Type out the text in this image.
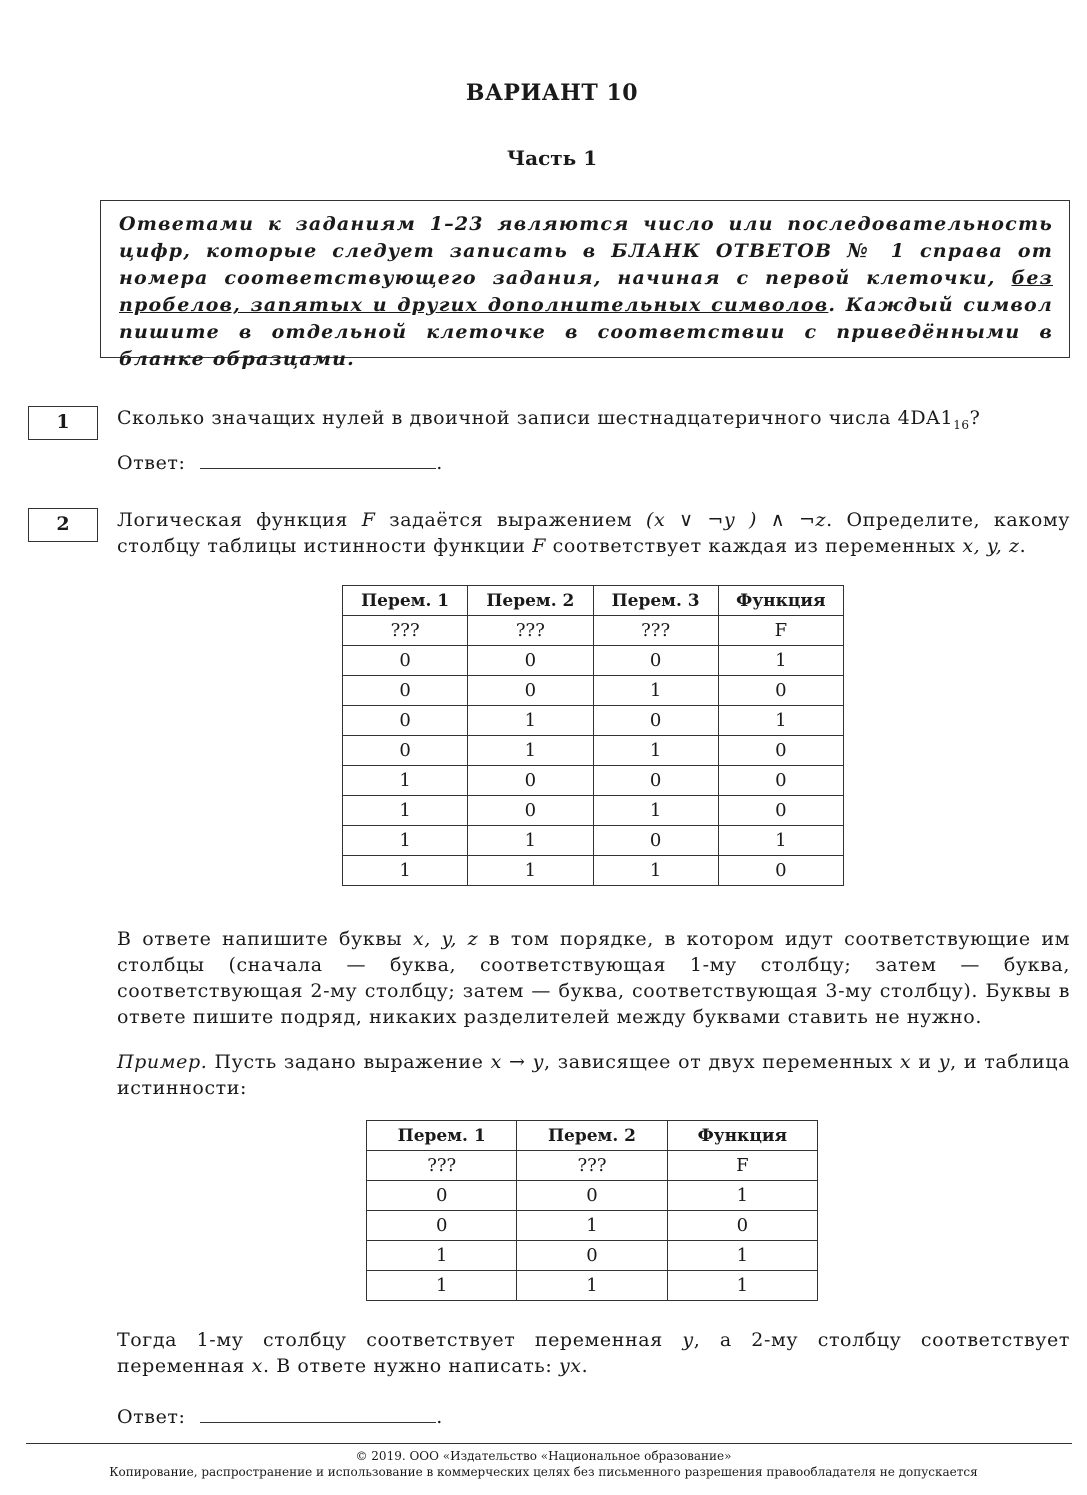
ВАРИАНТ 10
Часть 1
Ответами к заданиям 1–23 являются число или последовательность цифр, которые следует записать в БЛАНК ОТВЕТОВ № 1 справа от номера соответствующего задания, начиная с первой клеточки, без пробелов, запятых и других дополнительных символов. Каждый символ пишите в отдельной клеточке в соответствии с приведёнными в бланке образцами.
1	Сколько значащих нулей в двоичной записи шестнадцатеричного числа $4DA1_{16}$?
Ответ:	.
2	Логическая функция F задаётся выражением (x ∨ ¬y ) ∧ ¬z. Определите, какому столбцу таблицы истинности функции F соответствует каждая из переменных x, y, z.
Перем. 1	Перем. 2	Перем. 3	Функция
???	???	???	F
0	0	0	1
0	0	1	0
0	1	0	1
0	1	1	0
1	0	0	0
1	0	1	0
1	1	0	1
1	1	1	0
В ответе напишите буквы x, y, z в том порядке, в котором идут соответствующие им столбцы (сначала — буква, соответствующая 1-му столбцу; затем — буква, соответствующая 2-му столбцу; затем — буква, соответствующая 3-му столбцу). Буквы в ответе пишите подряд, никаких разделителей между буквами ставить не нужно.
Пример. Пусть задано выражение x → y, зависящее от двух переменных x и y, и таблица истинности:
Перем. 1	Перем. 2	Функция
???	???	F
0	0	1
0	1	0
1	0	1
1	1	1
Тогда 1-му столбцу соответствует переменная y, а 2-му столбцу соответствует переменная x. В ответе нужно написать: yx.
Ответ:	.
© 2019. ООО «Издательство «Национальное образование»
Копирование, распространение и использование в коммерческих целях без письменного разрешения правообладателя не допускается
